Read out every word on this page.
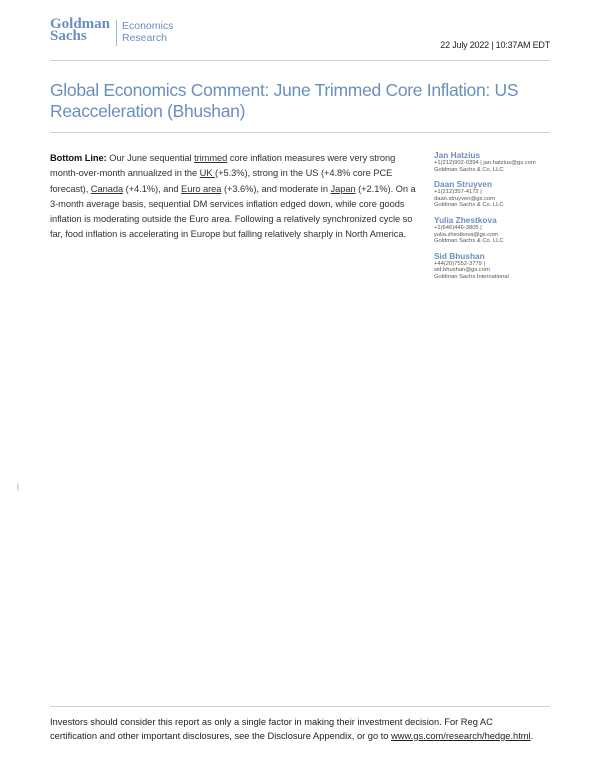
Goldman
Sachs
Economics
Research
22 July 2022 | 10:37AM EDT
Global Economics Comment: June Trimmed Core Inflation: US Reacceleration (Bhushan)

Bottom Line: Our June sequential trimmed core inflation measures were very strong month-over-month annualized in the UK (+5.3%), strong in the US (+4.8% core PCE forecast), Canada (+4.1%), and Euro area (+3.6%), and moderate in Japan (+2.1%). On a 3-month average basis, sequential DM services inflation edged down, while core goods inflation is moderating outside the Euro area. Following a relatively synchronized cycle so far, food inflation is accelerating in Europe but falling relatively sharply in North America.

Jan Hatzius
+1(212)902-0394 | jan.hatzius@gs.com
Goldman Sachs & Co. LLC
Daan Struyven
+1(212)357-4172 |
daan.struyven@gs.com
Goldman Sachs & Co. LLC
Yulia Zhestkova
+1(646)446-3805 |
yulia.zhestkova@gs.com
Goldman Sachs & Co. LLC
Sid Bhushan
+44(20)7552-3779 |
sid.bhushan@gs.com
Goldman Sachs International
|

Investors should consider this report as only a single factor in making their investment decision. For Reg AC certification and other important disclosures, see the Disclosure Appendix, or go to www.gs.com/research/hedge.html.
